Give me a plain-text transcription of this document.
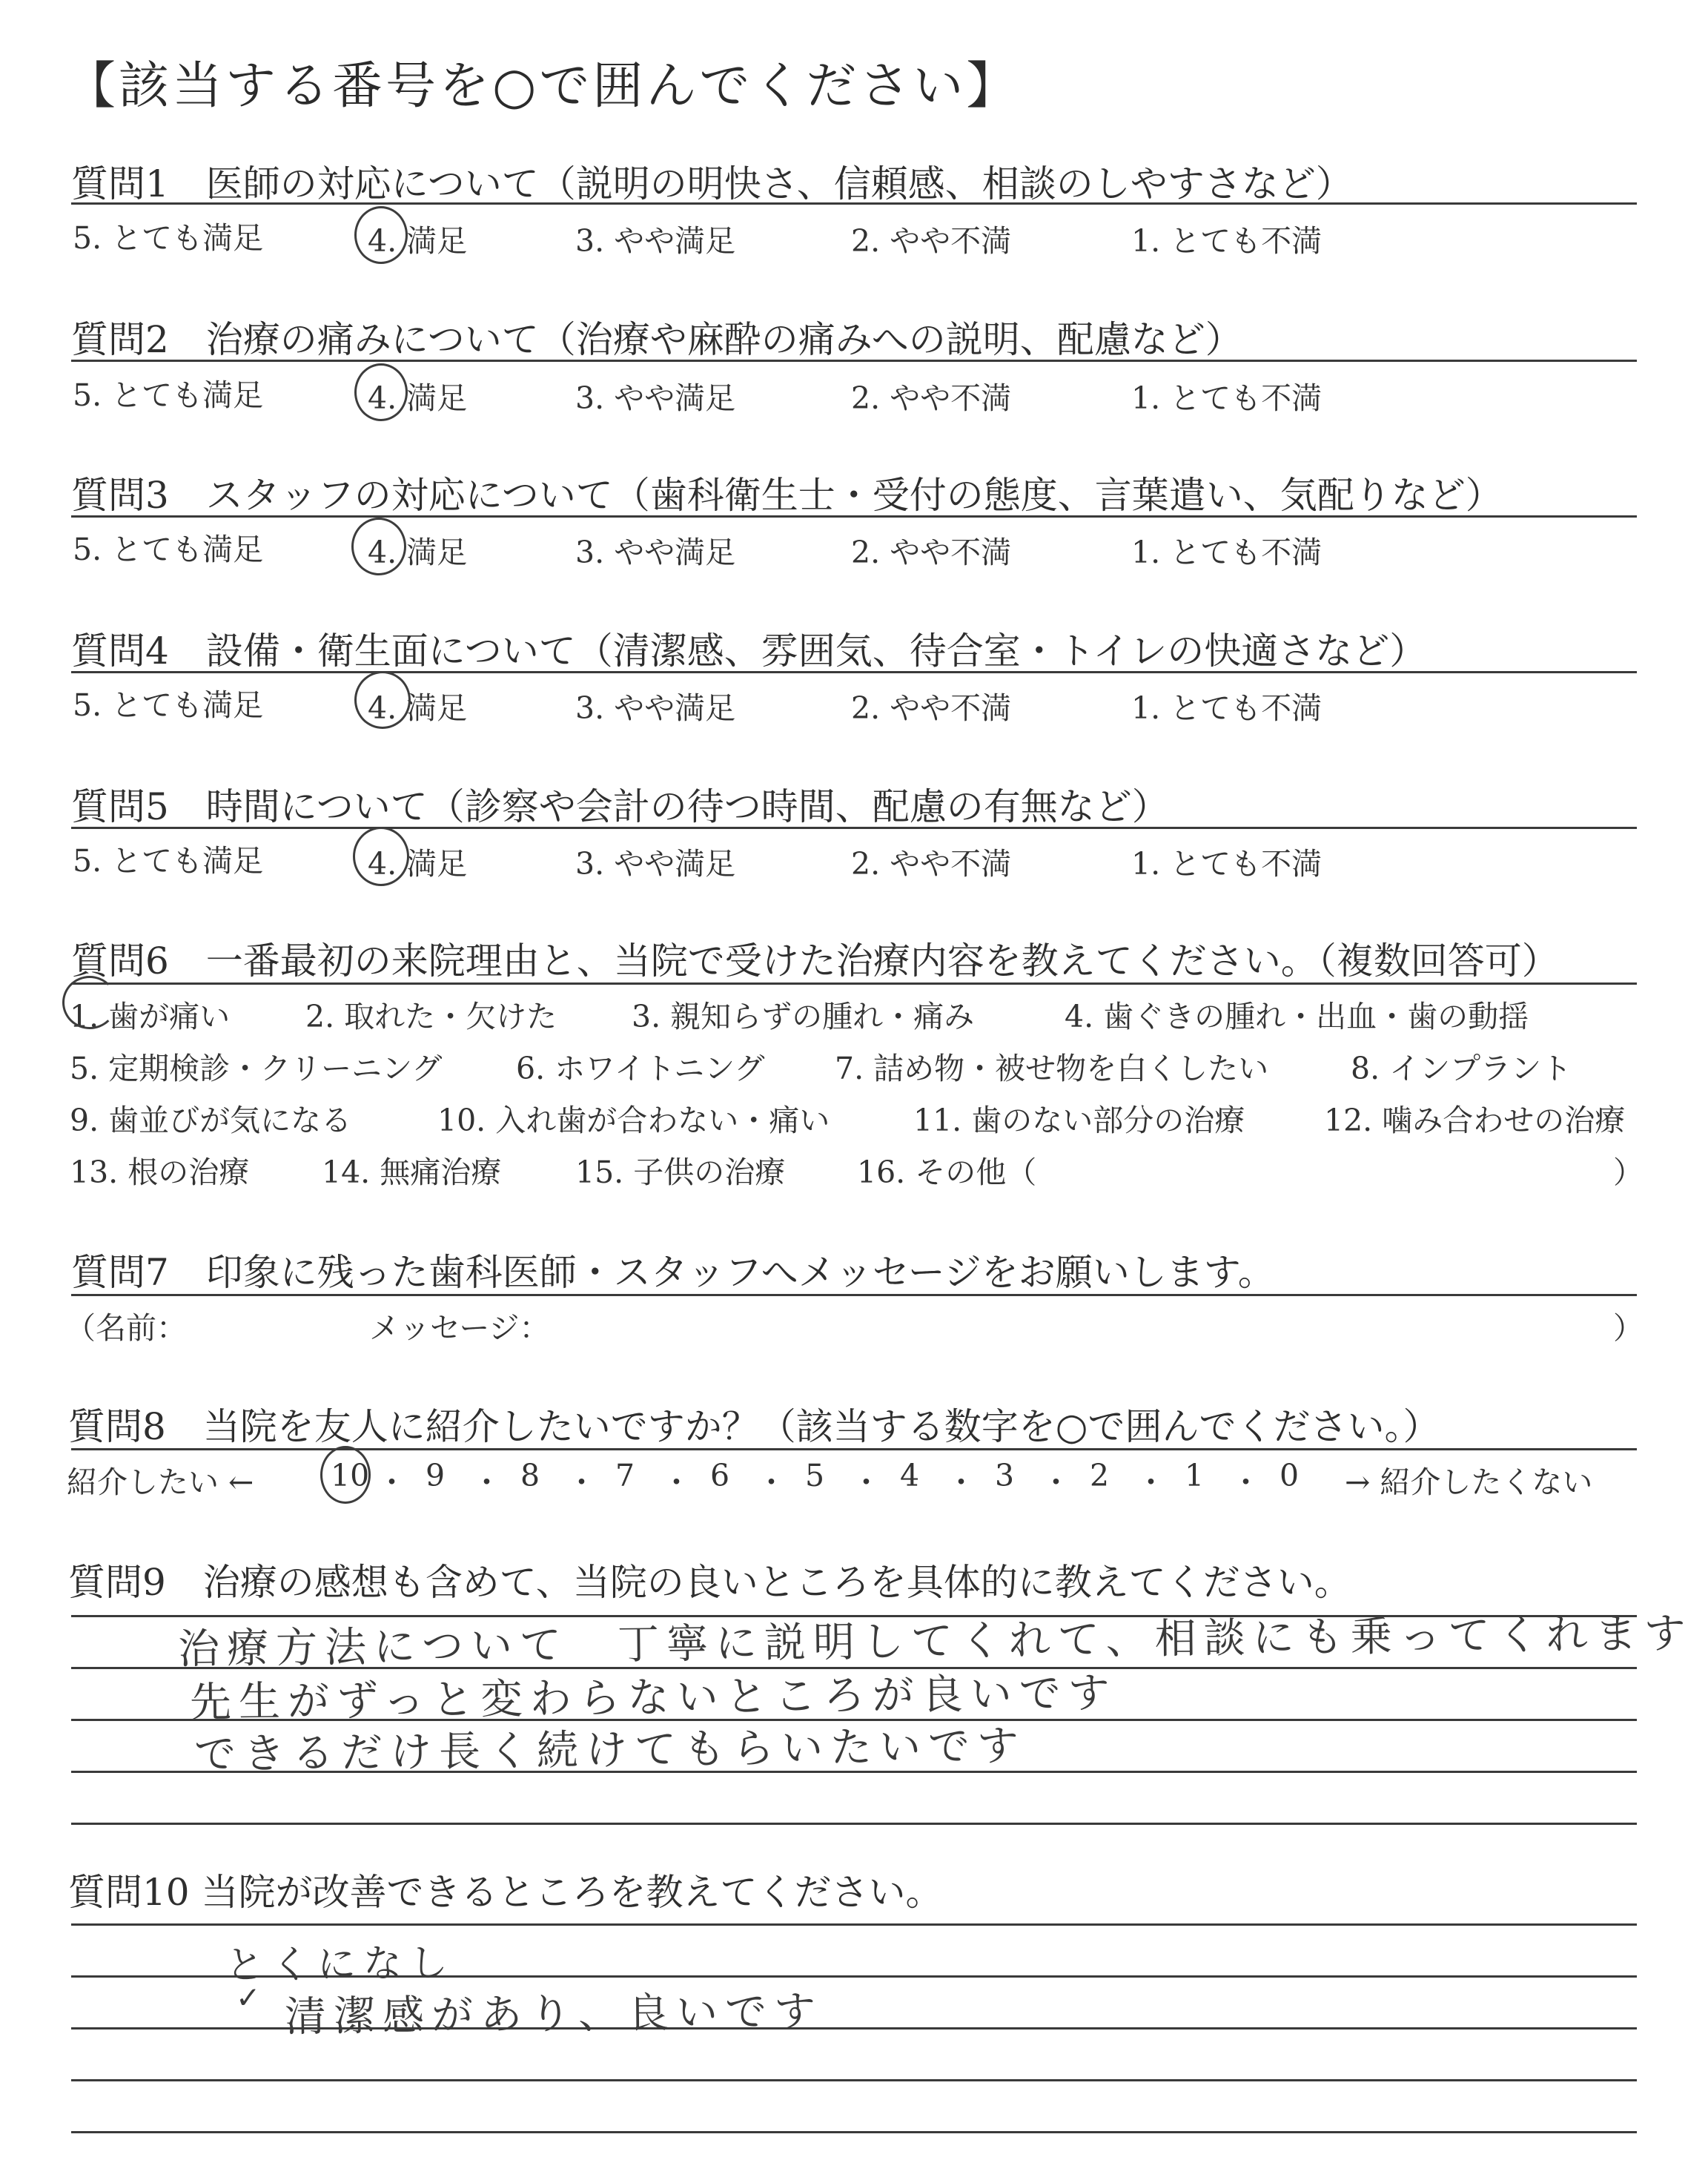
【該当する番号を○で囲んでください】
質問1　医師の対応について（説明の明快さ、信頼感、相談のしやすさなど）
5. とても満足	4. 満足	3. やや満足	2. やや不満	1. とても不満
質問2　治療の痛みについて（治療や麻酔の痛みへの説明、配慮など）
5. とても満足	4. 満足	3. やや満足	2. やや不満	1. とても不満
質問3　スタッフの対応について（歯科衛生士・受付の態度、言葉遣い、気配りなど）
5. とても満足	4. 満足	3. やや満足	2. やや不満	1. とても不満
質問4　設備・衛生面について（清潔感、雰囲気、待合室・トイレの快適さなど）
5. とても満足	4. 満足	3. やや満足	2. やや不満	1. とても不満
質問5　時間について（診察や会計の待つ時間、配慮の有無など）
5. とても満足	4. 満足	3. やや満足	2. やや不満	1. とても不満
質問6　一番最初の来院理由と、当院で受けた治療内容を教えてください。（複数回答可）
1. 歯が痛い 2. 取れた・欠けた 3. 親知らずの腫れ・痛み	4. 歯ぐきの腫れ・出血・歯の動揺
5. 定期検診・クリーニング 6. ホワイトニング 7. 詰め物・被せ物を白くしたい	8. インプラント
9. 歯並びが気になる	10. 入れ歯が合わない・痛い	11. 歯のない部分の治療	12. 噛み合わせの治療
13. 根の治療 14. 無痛治療 15. 子供の治療 16. その他（	）
質問7　印象に残った歯科医師・スタッフへメッセージをお願いします。
（名前：	メッセージ：	）
質問8　当院を友人に紹介したいですか？（該当する数字を○で囲んでください。）
紹介したい ←	10 ・ 9 ・ 8 ・ 7 ・ 6 ・ 5 ・ 4 ・ 3 ・ 2 ・ 1 ・ 0 → 紹介したくない
質問9　治療の感想も含めて、当院の良いところを具体的に教えてください。
治療方法について　丁寧に説明してくれて、相談にも乗ってくれます
先生がずっと変わらないところが良いです
できるだけ長く続けてもらいたいです
質問10 当院が改善できるところを教えてください。
とくになし
✓ 清潔感があり、良いです
